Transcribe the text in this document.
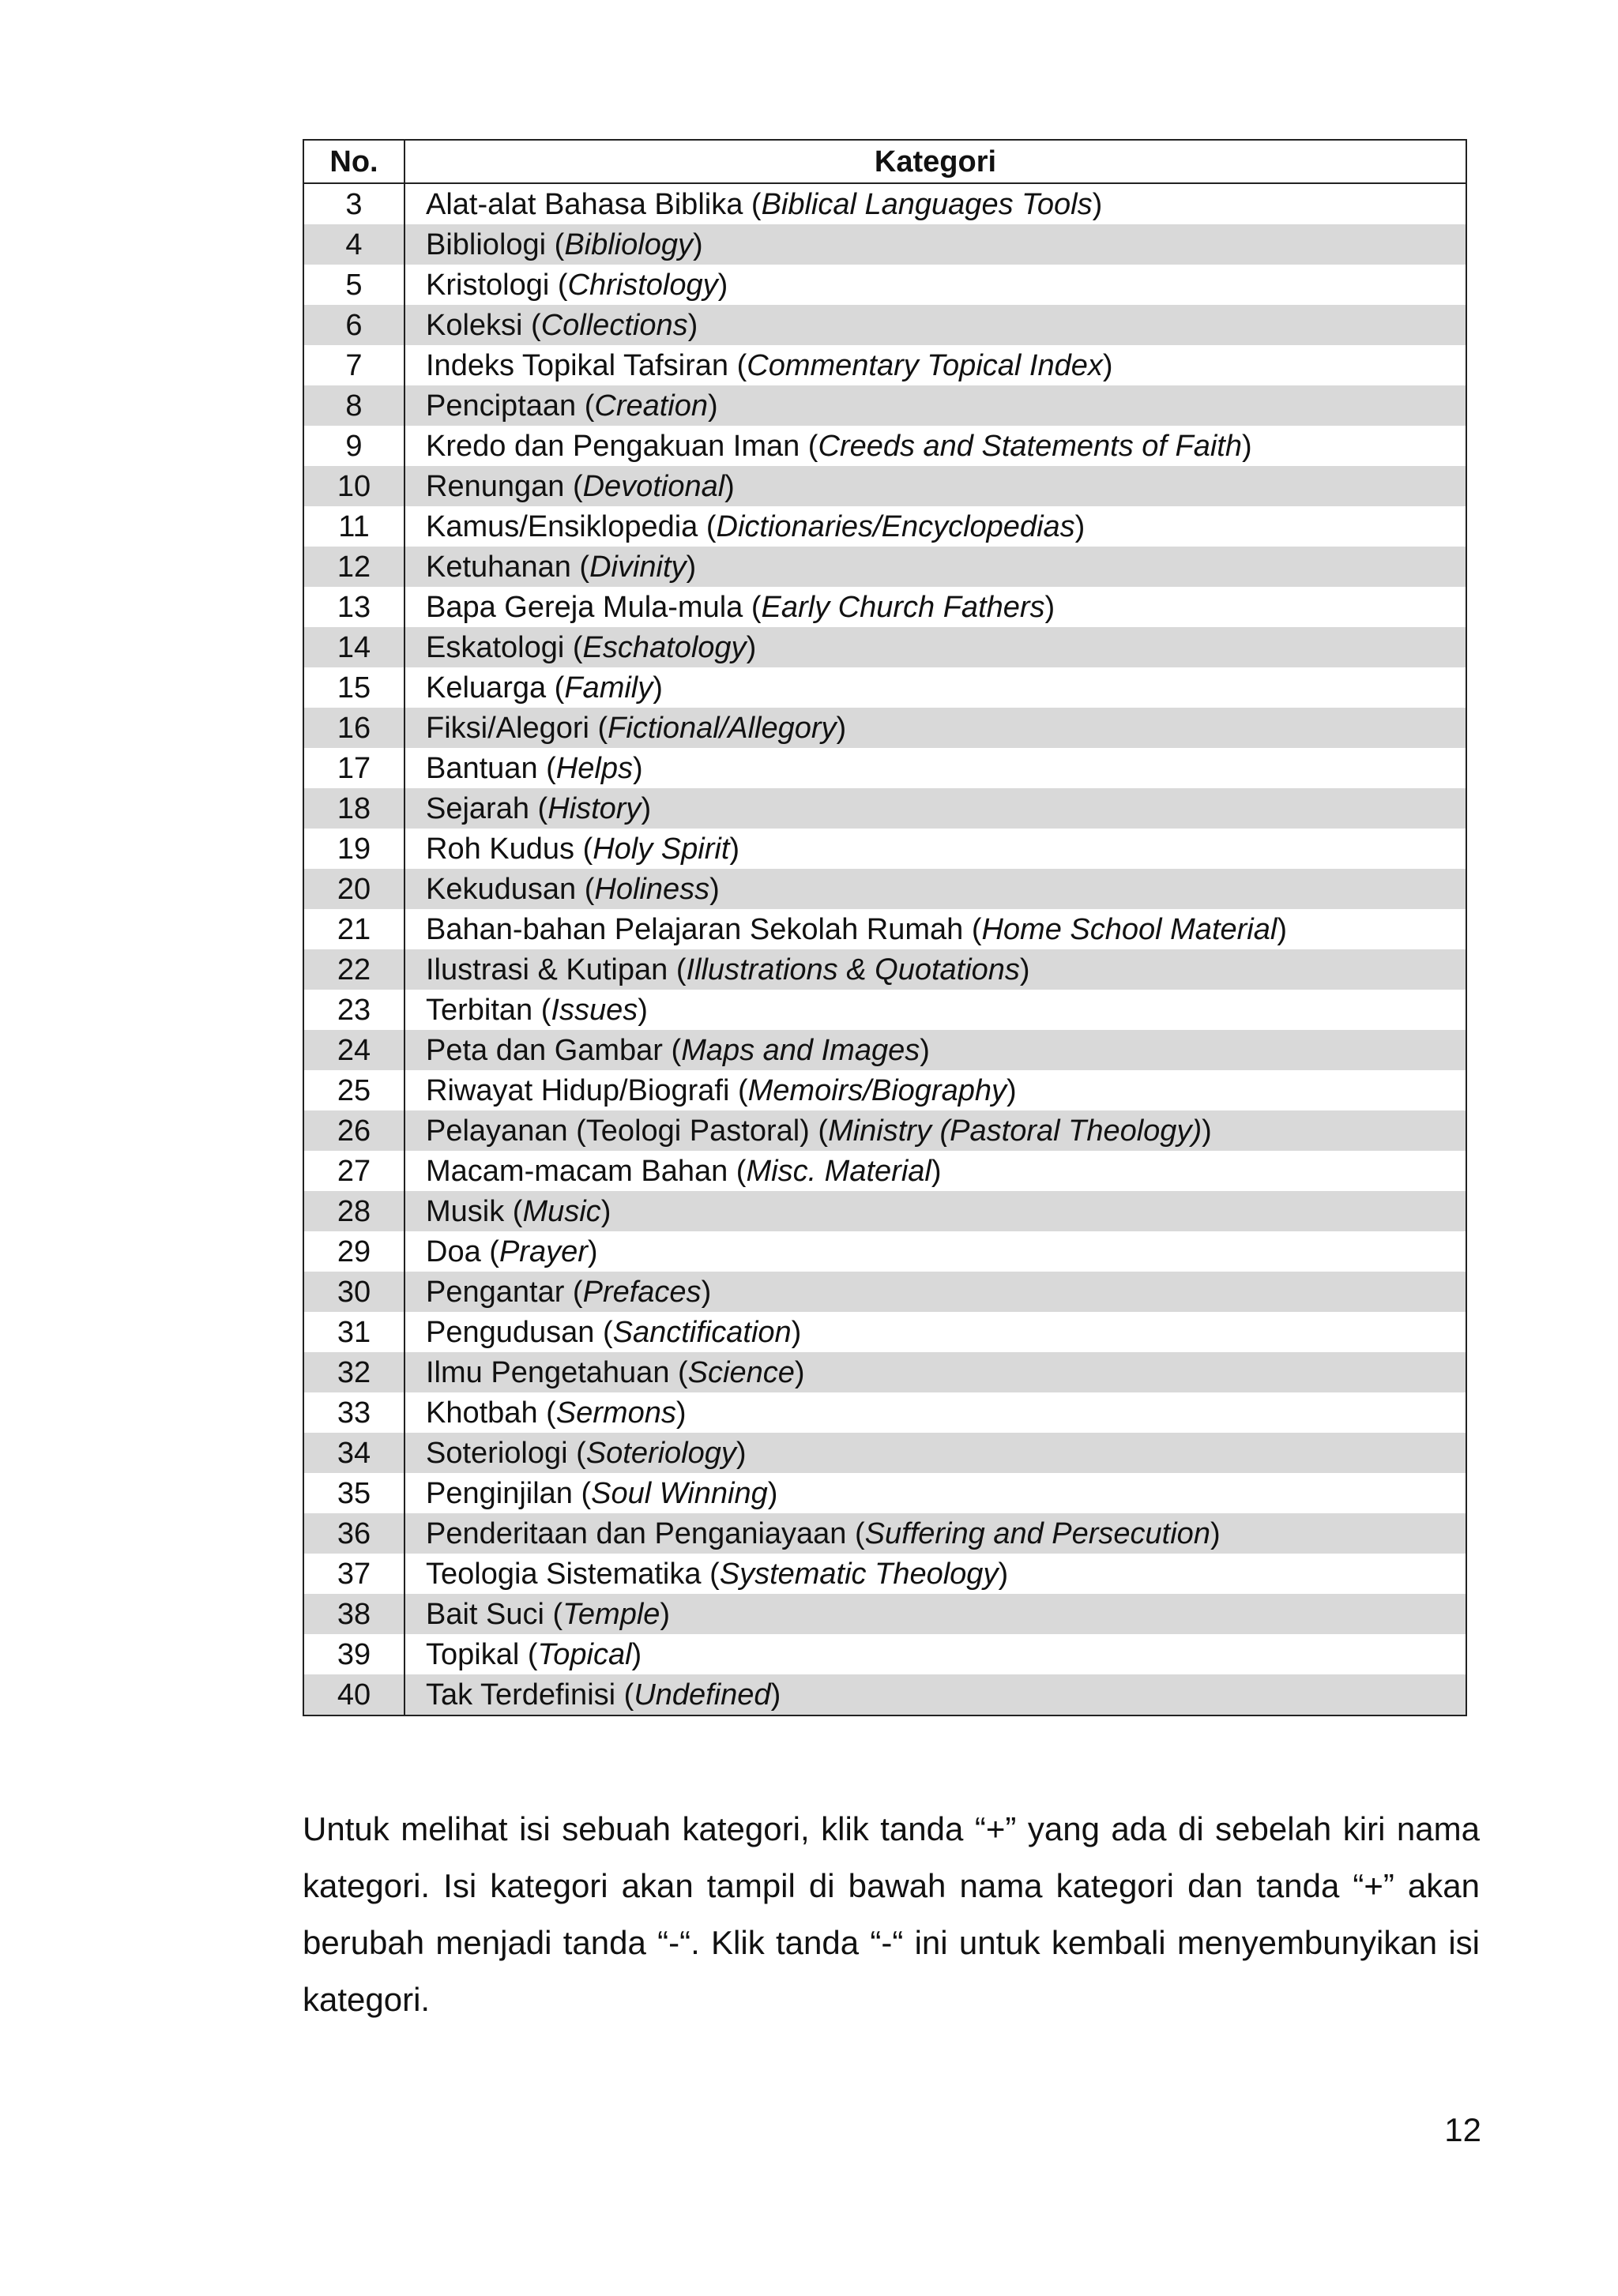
No.	Kategori
3	Alat-alat Bahasa Biblika (Biblical Languages Tools)
4	Bibliologi (Bibliology)
5	Kristologi (Christology)
6	Koleksi (Collections)
7	Indeks Topikal Tafsiran (Commentary Topical Index)
8	Penciptaan (Creation)
9	Kredo dan Pengakuan Iman (Creeds and Statements of Faith)
10	Renungan (Devotional)
11	Kamus/Ensiklopedia (Dictionaries/Encyclopedias)
12	Ketuhanan (Divinity)
13	Bapa Gereja Mula-mula (Early Church Fathers)
14	Eskatologi (Eschatology)
15	Keluarga (Family)
16	Fiksi/Alegori (Fictional/Allegory)
17	Bantuan (Helps)
18	Sejarah (History)
19	Roh Kudus (Holy Spirit)
20	Kekudusan (Holiness)
21	Bahan-bahan Pelajaran Sekolah Rumah (Home School Material)
22	Ilustrasi & Kutipan (Illustrations & Quotations)
23	Terbitan (Issues)
24	Peta dan Gambar (Maps and Images)
25	Riwayat Hidup/Biografi (Memoirs/Biography)
26	Pelayanan (Teologi Pastoral) (Ministry (Pastoral Theology))
27	Macam-macam Bahan (Misc. Material)
28	Musik (Music)
29	Doa (Prayer)
30	Pengantar (Prefaces)
31	Pengudusan (Sanctification)
32	Ilmu Pengetahuan (Science)
33	Khotbah (Sermons)
34	Soteriologi (Soteriology)
35	Penginjilan (Soul Winning)
36	Penderitaan dan Penganiayaan (Suffering and Persecution)
37	Teologia Sistematika (Systematic Theology)
38	Bait Suci (Temple)
39	Topikal (Topical)
40	Tak Terdefinisi (Undefined)

Untuk melihat isi sebuah kategori, klik tanda “+” yang ada di sebelah kiri nama kategori. Isi kategori akan tampil di bawah nama kategori dan tanda “+” akan berubah menjadi tanda “-“. Klik tanda “-“ ini untuk kembali menyembunyikan isi kategori.

12
